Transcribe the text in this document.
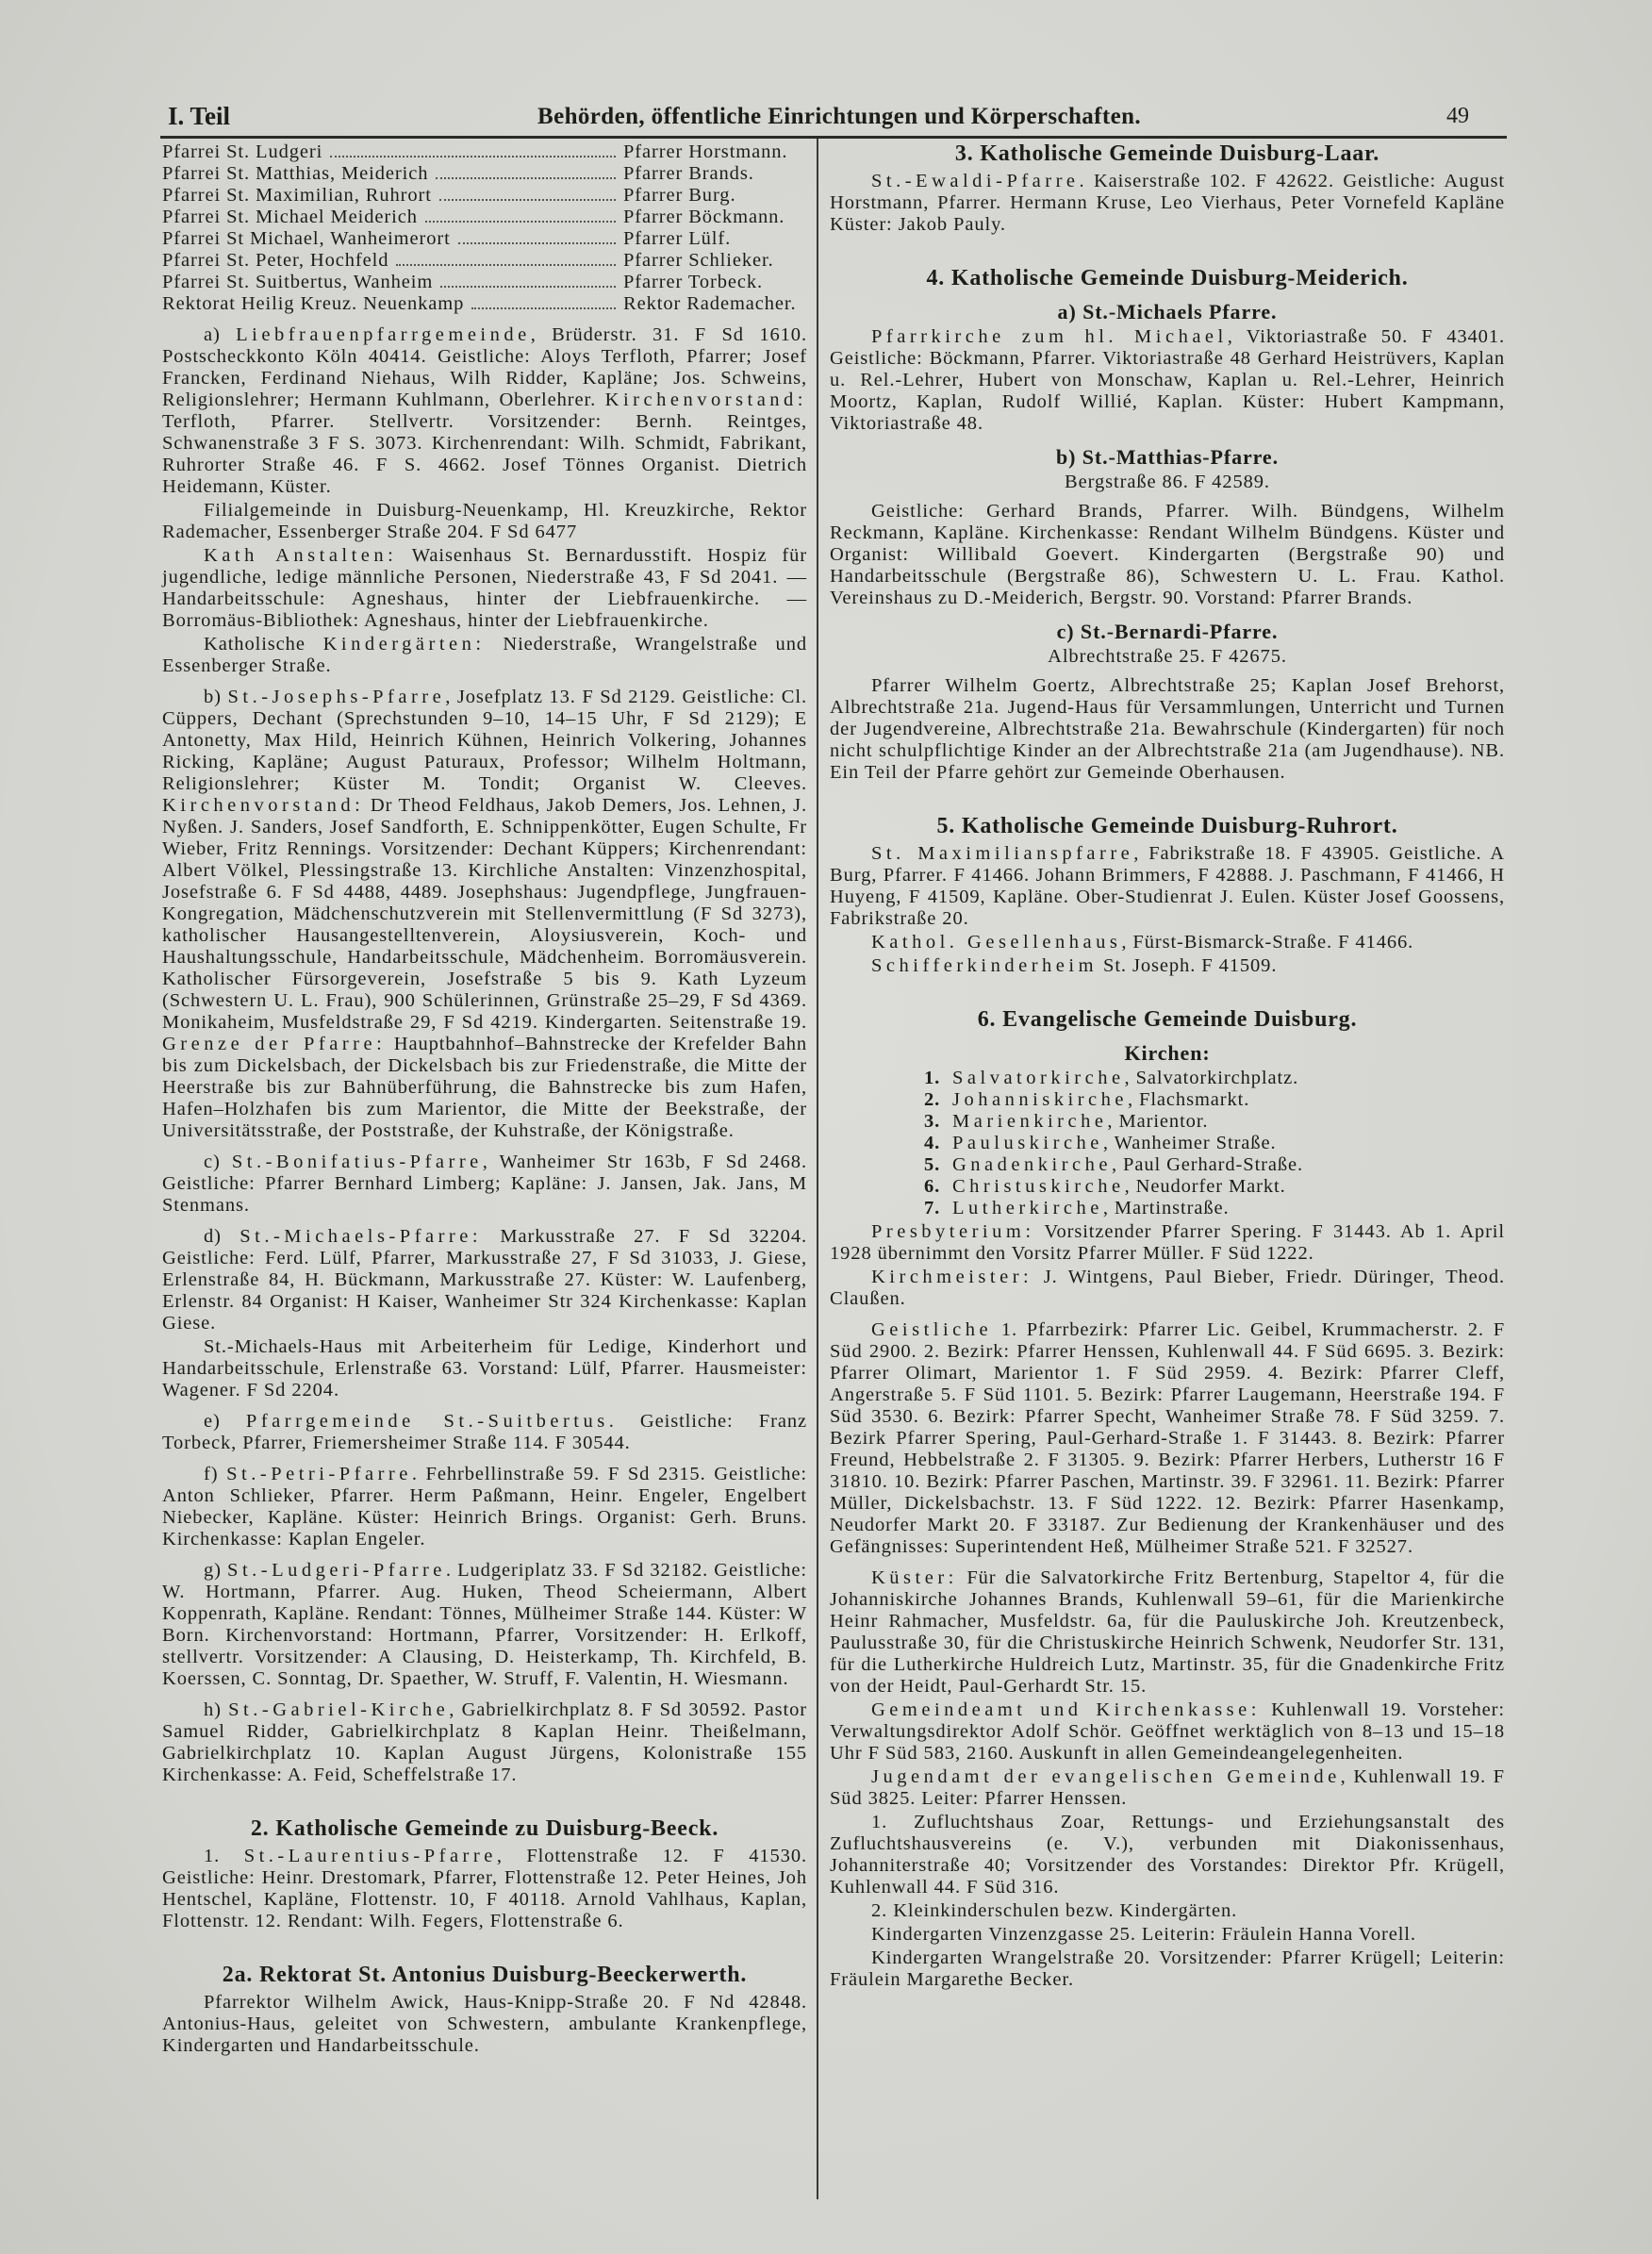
I. Teil	Behörden, öffentliche Einrichtungen und Körperschaften.	49
Pfarrei St. Ludgeri	Pfarrer Horstmann.
Pfarrei St. Matthias, Meiderich	Pfarrer Brands.
Pfarrei St. Maximilian, Ruhrort	Pfarrer Burg.
Pfarrei St. Michael Meiderich	Pfarrer Böckmann.
Pfarrei St Michael, Wanheimerort	Pfarrer Lülf.
Pfarrei St. Peter, Hochfeld	Pfarrer Schlieker.
Pfarrei St. Suitbertus, Wanheim	Pfarrer Torbeck.
Rektorat Heilig Kreuz. Neuenkamp	Rektor Rademacher.

a) Liebfrauenpfarrgemeinde, Brüderstr. 31. F Sd 1610. Postscheckkonto Köln 40414. Geistliche: Aloys Terfloth, Pfarrer; Josef Francken, Ferdinand Niehaus, Wilh Ridder, Kapläne; Jos. Schweins, Religionslehrer; Hermann Kuhlmann, Oberlehrer. Kirchenvorstand: Terfloth, Pfarrer. Stellvertr. Vorsitzender: Bernh. Reintges, Schwanenstraße 3 F S. 3073. Kirchenrendant: Wilh. Schmidt, Fabrikant, Ruhrorter Straße 46. F S. 4662. Josef Tönnes Organist. Dietrich Heidemann, Küster.

Filialgemeinde in Duisburg-Neuenkamp, Hl. Kreuzkirche, Rektor Rademacher, Essenberger Straße 204. F Sd 6477

Kath Anstalten: Waisenhaus St. Bernardusstift. Hospiz für jugendliche, ledige männliche Personen, Niederstraße 43, F Sd 2041. — Handarbeitsschule: Agneshaus, hinter der Liebfrauenkirche. — Borromäus-Bibliothek: Agneshaus, hinter der Liebfrauenkirche.

Katholische Kindergärten: Niederstraße, Wrangelstraße und Essenberger Straße.

b) St.-Josephs-Pfarre, Josefplatz 13. F Sd 2129. Geistliche: Cl. Cüppers, Dechant (Sprechstunden 9–10, 14–15 Uhr, F Sd 2129); E Antonetty, Max Hild, Heinrich Kühnen, Heinrich Volkering, Johannes Ricking, Kapläne; August Paturaux, Professor; Wilhelm Holtmann, Religionslehrer; Küster M. Tondit; Organist W. Cleeves. Kirchenvorstand: Dr Theod Feldhaus, Jakob Demers, Jos. Lehnen, J. Nyßen. J. Sanders, Josef Sandforth, E. Schnippenkötter, Eugen Schulte, Fr Wieber, Fritz Rennings. Vorsitzender: Dechant Küppers; Kirchenrendant: Albert Völkel, Plessingstraße 13. Kirchliche Anstalten: Vinzenzhospital, Josefstraße 6. F Sd 4488, 4489. Josephshaus: Jugendpflege, Jungfrauen-Kongregation, Mädchenschutzverein mit Stellenvermittlung (F Sd 3273), katholischer Hausangestelltenverein, Aloysiusverein, Koch- und Haushaltungsschule, Handarbeitsschule, Mädchenheim. Borromäusverein. Katholischer Fürsorgeverein, Josefstraße 5 bis 9. Kath Lyzeum (Schwestern U. L. Frau), 900 Schülerinnen, Grünstraße 25–29, F Sd 4369. Monikaheim, Musfeldstraße 29, F Sd 4219. Kindergarten. Seitenstraße 19. Grenze der Pfarre: Hauptbahnhof–Bahnstrecke der Krefelder Bahn bis zum Dickelsbach, der Dickelsbach bis zur Friedenstraße, die Mitte der Heerstraße bis zur Bahnüberführung, die Bahnstrecke bis zum Hafen, Hafen–Holzhafen bis zum Marientor, die Mitte der Beekstraße, der Universitätsstraße, der Poststraße, der Kuhstraße, der Königstraße.

c) St.-Bonifatius-Pfarre, Wanheimer Str 163b, F Sd 2468. Geistliche: Pfarrer Bernhard Limberg; Kapläne: J. Jansen, Jak. Jans, M Stenmans.

d) St.-Michaels-Pfarre: Markusstraße 27. F Sd 32204. Geistliche: Ferd. Lülf, Pfarrer, Markusstraße 27, F Sd 31033, J. Giese, Erlenstraße 84, H. Bückmann, Markusstraße 27. Küster: W. Laufenberg, Erlenstr. 84 Organist: H Kaiser, Wanheimer Str 324 Kirchenkasse: Kaplan Giese.

St.-Michaels-Haus mit Arbeiterheim für Ledige, Kinderhort und Handarbeitsschule, Erlenstraße 63. Vorstand: Lülf, Pfarrer. Hausmeister: Wagener. F Sd 2204.

e) Pfarrgemeinde St.-Suitbertus. Geistliche: Franz Torbeck, Pfarrer, Friemersheimer Straße 114. F 30544.

f) St.-Petri-Pfarre. Fehrbellinstraße 59. F Sd 2315. Geistliche: Anton Schlieker, Pfarrer. Herm Paßmann, Heinr. Engeler, Engelbert Niebecker, Kapläne. Küster: Heinrich Brings. Organist: Gerh. Bruns. Kirchenkasse: Kaplan Engeler.

g) St.-Ludgeri-Pfarre. Ludgeriplatz 33. F Sd 32182. Geistliche: W. Hortmann, Pfarrer. Aug. Huken, Theod Scheiermann, Albert Koppenrath, Kapläne. Rendant: Tönnes, Mülheimer Straße 144. Küster: W Born. Kirchenvorstand: Hortmann, Pfarrer, Vorsitzender: H. Erlkoff, stellvertr. Vorsitzender: A Clausing, D. Heisterkamp, Th. Kirchfeld, B. Koerssen, C. Sonntag, Dr. Spaether, W. Struff, F. Valentin, H. Wiesmann.

h) St.-Gabriel-Kirche, Gabrielkirchplatz 8. F Sd 30592. Pastor Samuel Ridder, Gabrielkirchplatz 8 Kaplan Heinr. Theißelmann, Gabrielkirchplatz 10. Kaplan August Jürgens, Kolonistraße 155 Kirchenkasse: A. Feid, Scheffelstraße 17.

2. Katholische Gemeinde zu Duisburg-Beeck.

1. St.-Laurentius-Pfarre, Flottenstraße 12. F 41530. Geistliche: Heinr. Drestomark, Pfarrer, Flottenstraße 12. Peter Heines, Joh Hentschel, Kapläne, Flottenstr. 10, F 40118. Arnold Vahlhaus, Kaplan, Flottenstr. 12. Rendant: Wilh. Fegers, Flottenstraße 6.

2a. Rektorat St. Antonius Duisburg-Beeckerwerth.

Pfarrektor Wilhelm Awick, Haus-Knipp-Straße 20. F Nd 42848. Antonius-Haus, geleitet von Schwestern, ambulante Krankenpflege, Kindergarten und Handarbeitsschule.

3. Katholische Gemeinde Duisburg-Laar.

St.-Ewaldi-Pfarre. Kaiserstraße 102. F 42622. Geistliche: August Horstmann, Pfarrer. Hermann Kruse, Leo Vierhaus, Peter Vornefeld Kapläne Küster: Jakob Pauly.

4. Katholische Gemeinde Duisburg-Meiderich.
a) St.-Michaels Pfarre.

Pfarrkirche zum hl. Michael, Viktoriastraße 50. F 43401. Geistliche: Böckmann, Pfarrer. Viktoriastraße 48 Gerhard Heistrüvers, Kaplan u. Rel.-Lehrer, Hubert von Monschaw, Kaplan u. Rel.-Lehrer, Heinrich Moortz, Kaplan, Rudolf Willié, Kaplan. Küster: Hubert Kampmann, Viktoriastraße 48.

b) St.-Matthias-Pfarre.
Bergstraße 86. F 42589.

Geistliche: Gerhard Brands, Pfarrer. Wilh. Bündgens, Wilhelm Reckmann, Kapläne. Kirchenkasse: Rendant Wilhelm Bündgens. Küster und Organist: Willibald Goevert. Kindergarten (Bergstraße 90) und Handarbeitsschule (Bergstraße 86), Schwestern U. L. Frau. Kathol. Vereinshaus zu D.-Meiderich, Bergstr. 90. Vorstand: Pfarrer Brands.

c) St.-Bernardi-Pfarre.
Albrechtstraße 25. F 42675.

Pfarrer Wilhelm Goertz, Albrechtstraße 25; Kaplan Josef Brehorst, Albrechtstraße 21a. Jugend-Haus für Versammlungen, Unterricht und Turnen der Jugendvereine, Albrechtstraße 21a. Bewahrschule (Kindergarten) für noch nicht schulpflichtige Kinder an der Albrechtstraße 21a (am Jugendhause). NB. Ein Teil der Pfarre gehört zur Gemeinde Oberhausen.

5. Katholische Gemeinde Duisburg-Ruhrort.

St. Maximilianspfarre, Fabrikstraße 18. F 43905. Geistliche. A Burg, Pfarrer. F 41466. Johann Brimmers, F 42888. J. Paschmann, F 41466, H Huyeng, F 41509, Kapläne. Ober-Studienrat J. Eulen. Küster Josef Goossens, Fabrikstraße 20.

Kathol. Gesellenhaus, Fürst-Bismarck-Straße. F 41466.

Schifferkinderheim St. Joseph. F 41509.

6. Evangelische Gemeinde Duisburg.
Kirchen:
1. Salvatorkirche, Salvatorkirchplatz.
2. Johanniskirche, Flachsmarkt.
3. Marienkirche, Marientor.
4. Pauluskirche, Wanheimer Straße.
5. Gnadenkirche, Paul Gerhard-Straße.
6. Christuskirche, Neudorfer Markt.
7. Lutherkirche, Martinstraße.

Presbyterium: Vorsitzender Pfarrer Spering. F 31443. Ab 1. April 1928 übernimmt den Vorsitz Pfarrer Müller. F Süd 1222.

Kirchmeister: J. Wintgens, Paul Bieber, Friedr. Düringer, Theod. Claußen.

Geistliche 1. Pfarrbezirk: Pfarrer Lic. Geibel, Krummacherstr. 2. F Süd 2900. 2. Bezirk: Pfarrer Henssen, Kuhlenwall 44. F Süd 6695. 3. Bezirk: Pfarrer Olimart, Marientor 1. F Süd 2959. 4. Bezirk: Pfarrer Cleff, Angerstraße 5. F Süd 1101. 5. Bezirk: Pfarrer Laugemann, Heerstraße 194. F Süd 3530. 6. Bezirk: Pfarrer Specht, Wanheimer Straße 78. F Süd 3259. 7. Bezirk Pfarrer Spering, Paul-Gerhard-Straße 1. F 31443. 8. Bezirk: Pfarrer Freund, Hebbelstraße 2. F 31305. 9. Bezirk: Pfarrer Herbers, Lutherstr 16 F 31810. 10. Bezirk: Pfarrer Paschen, Martinstr. 39. F 32961. 11. Bezirk: Pfarrer Müller, Dickelsbachstr. 13. F Süd 1222. 12. Bezirk: Pfarrer Hasenkamp, Neudorfer Markt 20. F 33187. Zur Bedienung der Krankenhäuser und des Gefängnisses: Superintendent Heß, Mülheimer Straße 521. F 32527.

Küster: Für die Salvatorkirche Fritz Bertenburg, Stapeltor 4, für die Johanniskirche Johannes Brands, Kuhlenwall 59–61, für die Marienkirche Heinr Rahmacher, Musfeldstr. 6a, für die Pauluskirche Joh. Kreutzenbeck, Paulusstraße 30, für die Christuskirche Heinrich Schwenk, Neudorfer Str. 131, für die Lutherkirche Huldreich Lutz, Martinstr. 35, für die Gnadenkirche Fritz von der Heidt, Paul-Gerhardt Str. 15.

Gemeindeamt und Kirchenkasse: Kuhlenwall 19. Vorsteher: Verwaltungsdirektor Adolf Schör. Geöffnet werktäglich von 8–13 und 15–18 Uhr F Süd 583, 2160. Auskunft in allen Gemeindeangelegenheiten.

Jugendamt der evangelischen Gemeinde, Kuhlenwall 19. F Süd 3825. Leiter: Pfarrer Henssen.

1. Zufluchtshaus Zoar, Rettungs- und Erziehungsanstalt des Zufluchtshausvereins (e. V.), verbunden mit Diakonissenhaus, Johanniterstraße 40; Vorsitzender des Vorstandes: Direktor Pfr. Krügell, Kuhlenwall 44. F Süd 316.

2. Kleinkinderschulen bezw. Kindergärten.

Kindergarten Vinzenzgasse 25. Leiterin: Fräulein Hanna Vorell.

Kindergarten Wrangelstraße 20. Vorsitzender: Pfarrer Krügell; Leiterin: Fräulein Margarethe Becker.
